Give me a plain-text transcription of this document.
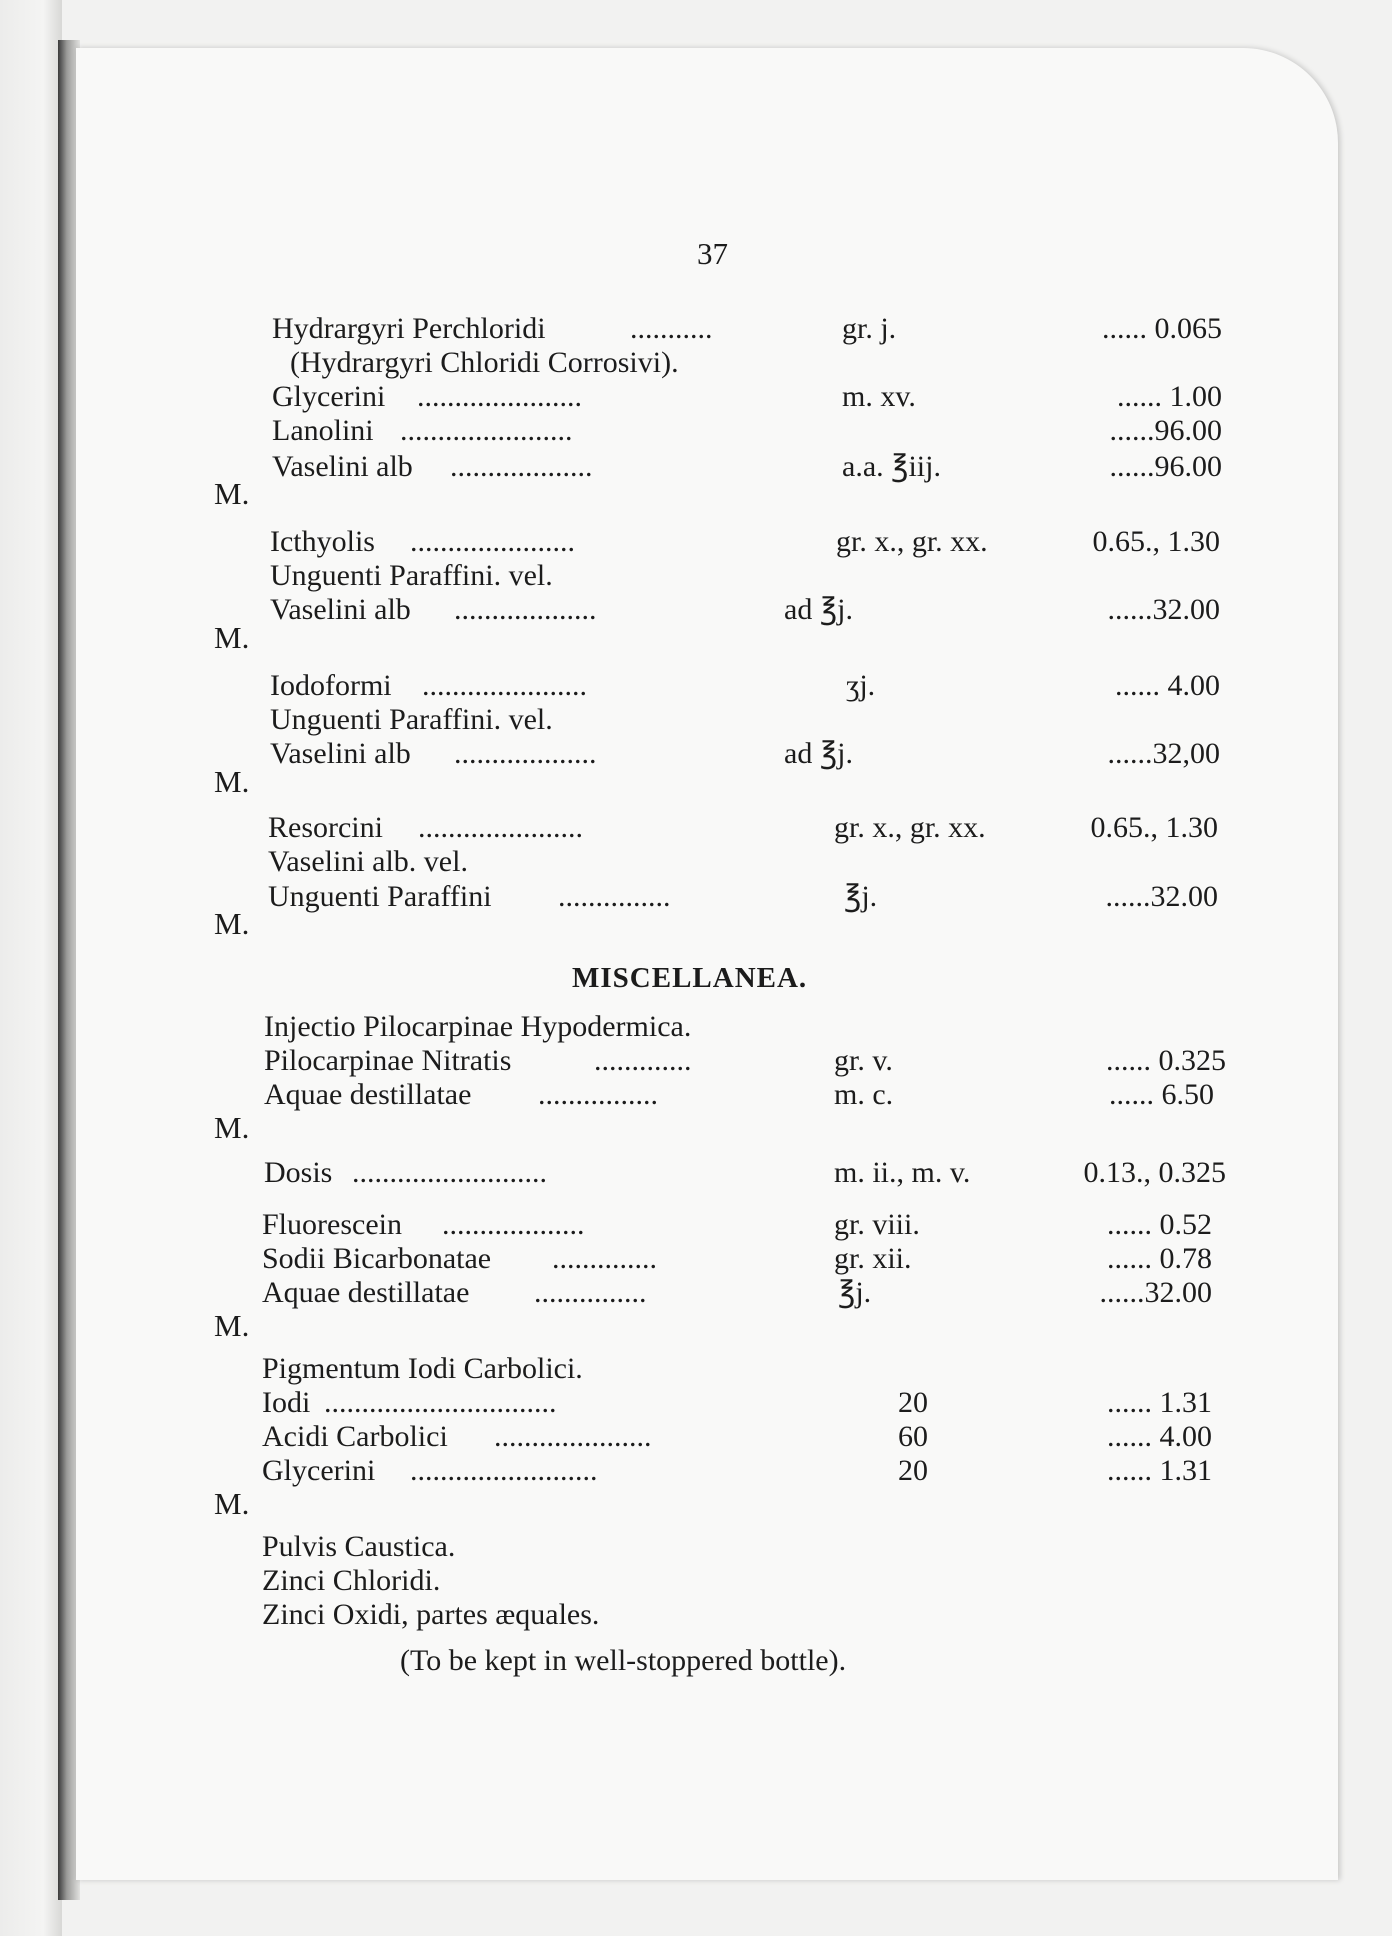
37
Hydrargyri Perchloridi	...........	gr. j.	...... 0.065
(Hydrargyri Chloridi Corrosivi).
Glycerini ......................	m. xv.	...... 1.00
Lanolini .......................	......96.00
Vaselini alb ...................	a.a. ℥iij.	......96.00
M.
Icthyolis ......................	gr. x., gr. xx.	0.65., 1.30
Unguenti Paraffini. vel.
Vaselini alb ...................	ad ℥j.	......32.00
M.
Iodoformi ......................	ʒj.	...... 4.00
Unguenti Paraffini. vel.
Vaselini alb ...................	ad ℥j.	......32,00
M.
Resorcini ......................	gr. x., gr. xx.	0.65., 1.30
Vaselini alb. vel.
Unguenti Paraffini ...............	℥j.	......32.00
M.
MISCELLANEA.
Injectio Pilocarpinae Hypodermica.
Pilocarpinae Nitratis	.............	gr. v.	...... 0.325
Aquae destillatae ................	m. c.	...... 6.50
M.
Dosis ..........................	m. ii., m. v.	0.13., 0.325
Fluorescein ...................	gr. viii.	...... 0.52
Sodii Bicarbonatae ..............	gr. xii.	...... 0.78
Aquae destillatae ...............	℥j.	......32.00
M.
Pigmentum Iodi Carbolici.
Iodi ...............................	20	...... 1.31
Acidi Carbolici .....................	60	...... 4.00
Glycerini .........................	20	...... 1.31
M.
Pulvis Caustica.
Zinci Chloridi.
Zinci Oxidi, partes æquales.
(To be kept in well-stoppered bottle).
